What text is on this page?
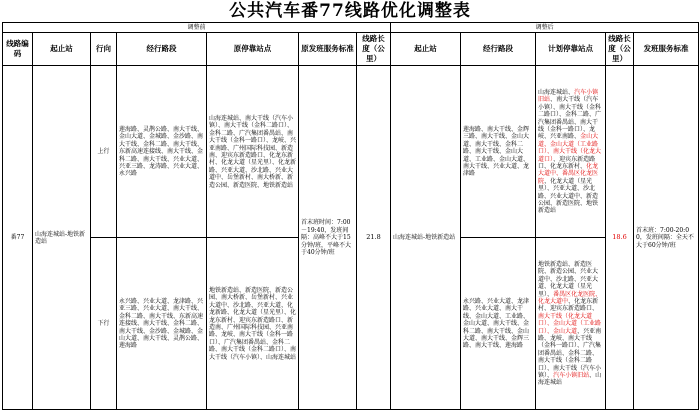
公共汽车番77线路优化调整表
调整前							调整后				
线路编码	起止站	行向	经行路段	原停靠站点	原发班服务标准	线路长度（公里）	起止站	经行路段	计划停靠站点	线路长度（公里）	发班服务标准
番77	山海连城站-地铁新造站	上行	莲海路、灵鹊公路、南大干线、金山大道、金城路、金沙路、南大干线、金科二路、南大干线、东新高速连接线、南大干线、金科二路、南大干线、兴业大道、兴亚三路、龙涛路、兴业大道、永兴路	山海连城站、南大干线（汽车小镇）、南大干线（金科二路口）、金科二路、广汽集团番禺站、南大干线（金科一路口）、龙岐、兴亚南路、广州国际科技园、新造南、迎宾东新造路口、化龙东新村、化龙大道（星光里）、化龙新路、兴亚大道、沙北路、兴业大道中、岳堡新村、南大桥新、新造公园、新造医院、地铁新造站	首末班时间：7:00－19:40，发班间隔：高峰不大于15分钟/班，平峰不大于40分钟/班	21.8	山海连城站-地铁新造站	莲海路、南大干线、金辉三路、南大干线、金山大道、南大干线、金科二路、南大干线、金山大道、工业路、金山大道、南大干线、兴业大道、龙津路	山海连城站、汽车小镇旧站、南大干线（汽车小镇）、南大干线（金科二路口）、金科二路、广汽集团番禺站、南大干线（金科一路口）、龙岐、兴亚南路、金山大道、金山大道（工业路口）、南大干线（化龙大道口）、迎宾东新造路口、化龙东新村、化龙大道中、番禺区化龙医院、化龙大道（星光里）、兴亚大道、沙北路、兴业大道中、新造公园、新造医院、地铁新造站	18.6	首末班：7:00-20:00，发班间隔：全天不大于60分钟/班
		下行	永兴路、兴业大道、龙津路、兴亚三路、兴业大道、南大干线、金科二路、南大干线、东新高速连接线、南大干线、金科二路、南大干线、金沙路、金城路、金山大道、南大干线、灵鹊公路、莲海路	地铁新造站、新造医院、新造公园、南大桥新、岳堡新村、兴业大道中、沙北路、兴亚大道、化龙新路、化龙大道（星光里）、化龙东新村、迎宾东新造路口、新造南、广州国际科技园、兴亚南路、龙岐、南大干线（金科一路口）、广汽集团番禺站、金科二路、南大干线（金科二路口）、南大干线（汽车小镇）、山海连城站				永兴路、兴业大道、龙津路、兴业大道、南大干线、金山大道、工业路、金山大道、南大干线、金科二路、南大干线、金山大道、南大干线、金辉三路、南大干线、莲海路	地铁新造站、新造医院、新造公园、兴业大道中、沙北路、兴亚大道、化龙大道（星光里）、番禺区化龙医院、化龙大道中、化龙东新村、迎宾东新造路口、南大干线（化龙大道口）、金山大道（工业路口）、金山大道、兴亚南路、龙岐、南大干线（金科一路口）、广汽集团番禺站、金科二路、南大干线（金科二路口）、南大干线（汽车小镇）、汽车小镇旧站、山海连城站		
